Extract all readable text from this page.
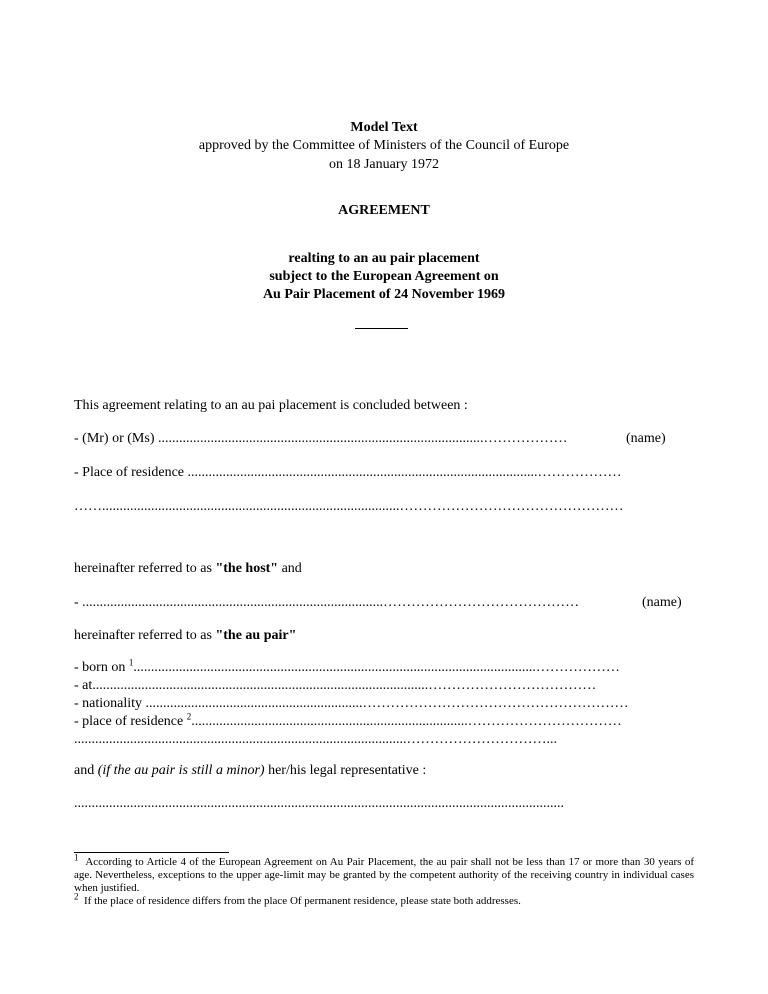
Model Text
approved by the Committee of Ministers of the Council of Europe
on 18 January 1972
AGREEMENT
realting to an au pair placement
subject to the European Agreement on
Au Pair Placement of 24 November 1969
This agreement relating to an au pai placement is concluded between :
- (Mr) or (Ms) .............................................................................................………………	(name)
- Place of residence ....................................................................................................………………
…….....................................................................................…………………………………………
hereinafter referred to as "the host" and
- ......................................................................................……………………………………	(name)
hereinafter referred to as "the au pair"
- born on $^1$...................................................................................................................………………
- at................................................................................................………………………………
- nationality ..............................................................…………………………………………………
- place of residence $^2$...............................................................................……………………………
...............................................................................................…………………………...
and (if the au pair is still a minor) her/his legal representative :
............................................................................................................................................
$^1$ According to Article 4 of the European Agreement on Au Pair Placement, the au pair shall not be less than 17 or more than 30 years of age. Nevertheless, exceptions to the upper age-limit may be granted by the competent authority of the receiving country in individual cases when justified.
$^2$ If the place of residence differs from the place Of permanent residence, please state both addresses.
